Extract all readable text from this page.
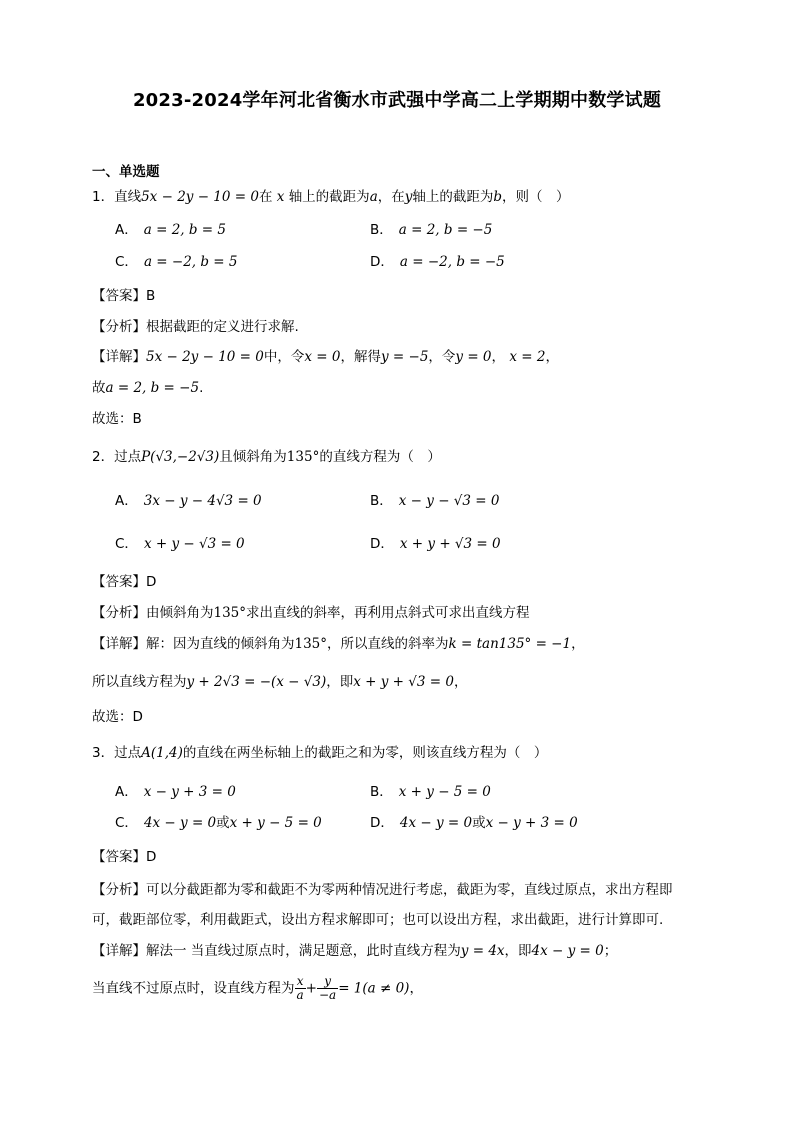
2023-2024学年河北省衡水市武强中学高二上学期期中数学试题
一、单选题
1．直线5x − 2y − 10 = 0在 x 轴上的截距为a，在y轴上的截距为b，则（　）
A． a = 2, b = 5	B． a = 2, b = −5
C． a = −2, b = 5	D． a = −2, b = −5
【答案】B
【分析】根据截距的定义进行求解.
【详解】5x − 2y − 10 = 0中，令x = 0，解得y = −5，令y = 0， x = 2，
故a = 2, b = −5.
故选：B
2．过点P(√3,−2√3)且倾斜角为135°的直线方程为（　）
A． 3x − y − 4√3 = 0	B． x − y − √3 = 0
C． x + y − √3 = 0	D． x + y + √3 = 0
【答案】D
【分析】由倾斜角为135°求出直线的斜率，再利用点斜式可求出直线方程
【详解】解：因为直线的倾斜角为135°，所以直线的斜率为k = tan135° = −1，
所以直线方程为y + 2√3 = −(x − √3)，即x + y + √3 = 0，
故选：D
3．过点A(1,4)的直线在两坐标轴上的截距之和为零，则该直线方程为（　）
A． x − y + 3 = 0	B． x + y − 5 = 0
C． 4x − y = 0或x + y − 5 = 0	D． 4x − y = 0或x − y + 3 = 0
【答案】D
【分析】可以分截距都为零和截距不为零两种情况进行考虑，截距为零，直线过原点，求出方程即
可，截距部位零，利用截距式，设出方程求解即可；也可以设出方程，求出截距，进行计算即可.
【详解】解法一 当直线过原点时，满足题意，此时直线方程为y = 4x，即4x − y = 0；
当直线不过原点时，设直线方程为 $\frac{x}{a} + \frac{y}{-a} = 1(a \ne 0)$，
